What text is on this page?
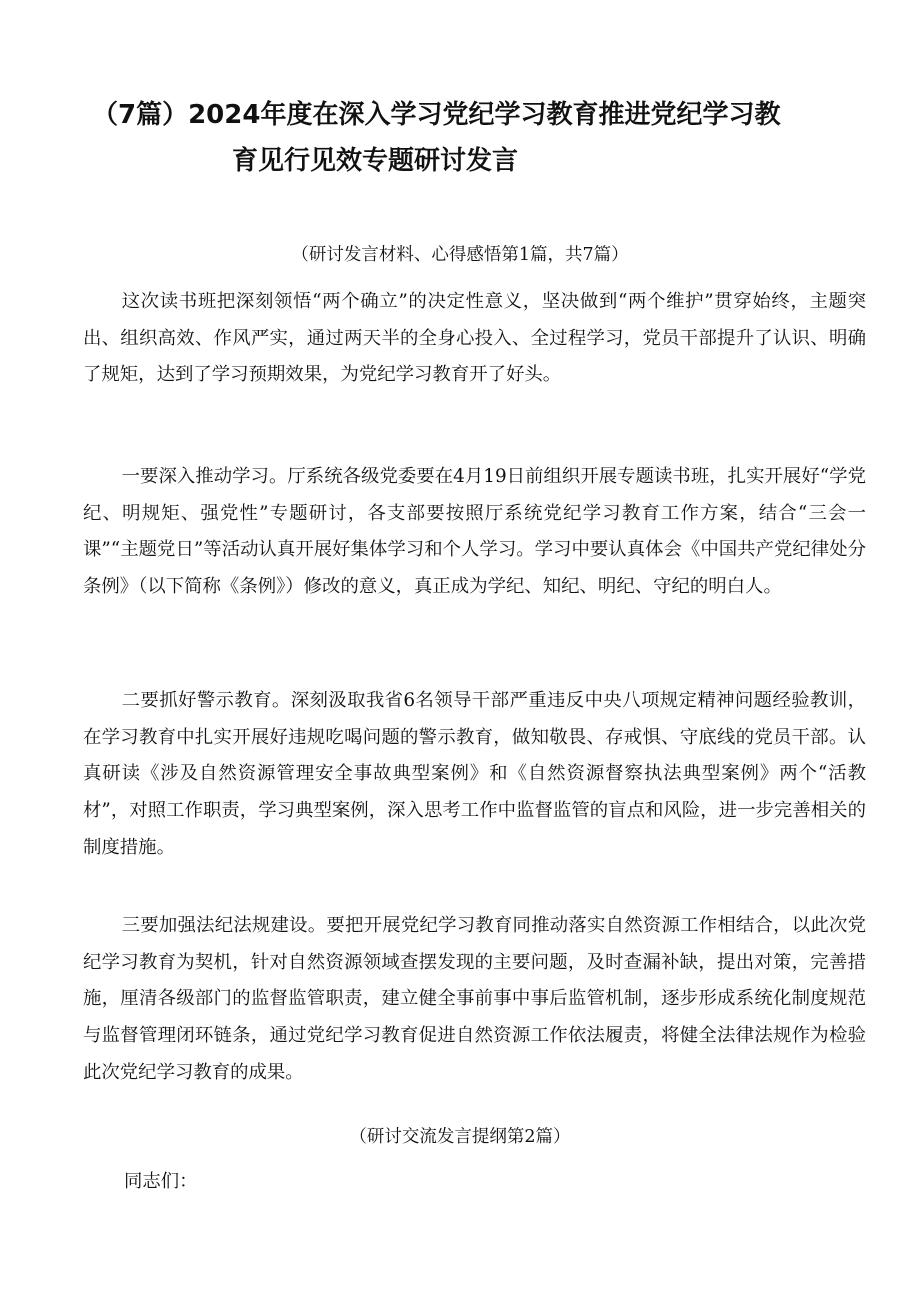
（7篇）2024年度在深入学习党纪学习教育推进党纪学习教
育见行见效专题研讨发言
（研讨发言材料、心得感悟第1篇，共7篇）

这次读书班把深刻领悟“两个确立”的决定性意义，坚决做到“两个维护”贯穿始终，主题突出、组织高效、作风严实，通过两天半的全身心投入、全过程学习，党员干部提升了认识、明确了规矩，达到了学习预期效果，为党纪学习教育开了好头。

一要深入推动学习。厅系统各级党委要在4月19日前组织开展专题读书班，扎实开展好“学党纪、明规矩、强党性”专题研讨，各支部要按照厅系统党纪学习教育工作方案，结合“三会一课”“主题党日”等活动认真开展好集体学习和个人学习。学习中要认真体会《中国共产党纪律处分条例》（以下简称《条例》）修改的意义，真正成为学纪、知纪、明纪、守纪的明白人。

二要抓好警示教育。深刻汲取我省6名领导干部严重违反中央八项规定精神问题经验教训，在学习教育中扎实开展好违规吃喝问题的警示教育，做知敬畏、存戒惧、守底线的党员干部。认真研读《涉及自然资源管理安全事故典型案例》和《自然资源督察执法典型案例》两个“活教材”，对照工作职责，学习典型案例，深入思考工作中监督监管的盲点和风险，进一步完善相关的制度措施。

三要加强法纪法规建设。要把开展党纪学习教育同推动落实自然资源工作相结合，以此次党纪学习教育为契机，针对自然资源领域查摆发现的主要问题，及时查漏补缺，提出对策，完善措施，厘清各级部门的监督监管职责，建立健全事前事中事后监管机制，逐步形成系统化制度规范与监督管理闭环链条，通过党纪学习教育促进自然资源工作依法履责，将健全法律法规作为检验此次党纪学习教育的成果。

（研讨交流发言提纲第2篇）
同志们：
